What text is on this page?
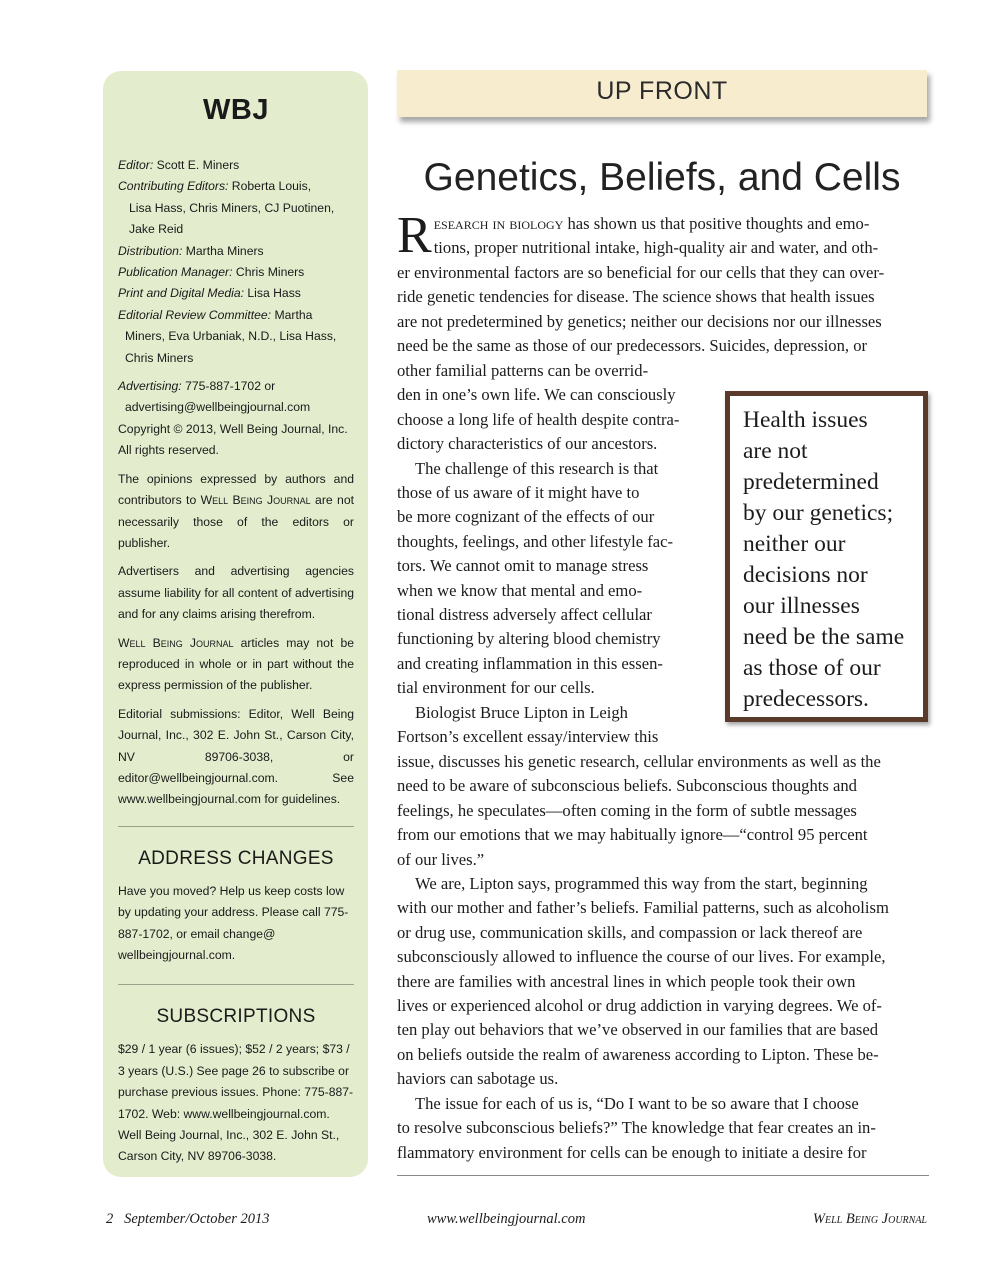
WBJ
Editor: Scott E. Miners
Contributing Editors: Roberta Louis,
Lisa Hass, Chris Miners, CJ Puotinen,
Jake Reid
Distribution: Martha Miners
Publication Manager: Chris Miners
Print and Digital Media: Lisa Hass
Editorial Review Committee: Martha
Miners, Eva Urbaniak, N.D., Lisa Hass,
Chris Miners
Advertising: 775-887-1702 or
advertising@wellbeingjournal.com
Copyright © 2013, Well Being Journal, Inc.
All rights reserved.
The opinions expressed by authors and contributors to Well Being Journal are not necessarily those of the editors or publisher.
Advertisers and advertising agencies assume liability for all content of advertising and for any claims arising therefrom.
Well Being Journal articles may not be reproduced in whole or in part without the express permission of the publisher.
Editorial submissions: Editor, Well Being Journal, Inc., 302 E. John St., Carson City, NV 89706-3038, or editor@wellbeingjournal.com. See www.wellbeingjournal.com for guidelines.
ADDRESS CHANGES
Have you moved? Help us keep costs low by updating your address. Please call 775-887-1702, or email change@ wellbeingjournal.com.
SUBSCRIPTIONS
$29 / 1 year (6 issues); $52 / 2 years; $73 / 3 years (U.S.) See page 26 to subscribe or purchase previous issues. Phone: 775-887-1702. Web: www.wellbeingjournal.com. Well Being Journal, Inc., 302 E. John St., Carson City, NV 89706-3038.
UP FRONT
Genetics, Beliefs, and Cells
R esearch in biology has shown us that positive thoughts and emo-
tions, proper nutritional intake, high-quality air and water, and oth-
er environmental factors are so beneficial for our cells that they can over-
ride genetic tendencies for disease. The science shows that health issues
are not predetermined by genetics; neither our decisions nor our illnesses
need be the same as those of our predecessors. Suicides, depression, or
other familial patterns can be overrid-
den in one’s own life. We can consciously
choose a long life of health despite contra-
dictory characteristics of our ancestors.
The challenge of this research is that
those of us aware of it might have to
be more cognizant of the effects of our
thoughts, feelings, and other lifestyle fac-
tors. We cannot omit to manage stress
when we know that mental and emo-
tional distress adversely affect cellular
functioning by altering blood chemistry
and creating inflammation in this essen-
tial environment for our cells.
Biologist Bruce Lipton in Leigh
Fortson’s excellent essay/interview this
issue, discusses his genetic research, cellular environments as well as the
need to be aware of subconscious beliefs. Subconscious thoughts and
feelings, he speculates—often coming in the form of subtle messages
from our emotions that we may habitually ignore—“control 95 percent
of our lives.”
We are, Lipton says, programmed this way from the start, beginning
with our mother and father’s beliefs. Familial patterns, such as alcoholism
or drug use, communication skills, and compassion or lack thereof are
subconsciously allowed to influence the course of our lives. For example,
there are families with ancestral lines in which people took their own
lives or experienced alcohol or drug addiction in varying degrees. We of-
ten play out behaviors that we’ve observed in our families that are based
on beliefs outside the realm of awareness according to Lipton. These be-
haviors can sabotage us.
The issue for each of us is, “Do I want to be so aware that I choose
to resolve subconscious beliefs?” The knowledge that fear creates an in-
flammatory environment for cells can be enough to initiate a desire for
Health issues
are not
predetermined
by our genetics;
neither our
decisions nor
our illnesses
need be the same
as those of our
predecessors.
2   September/October 2013	www.wellbeingjournal.com	Well Being Journal
